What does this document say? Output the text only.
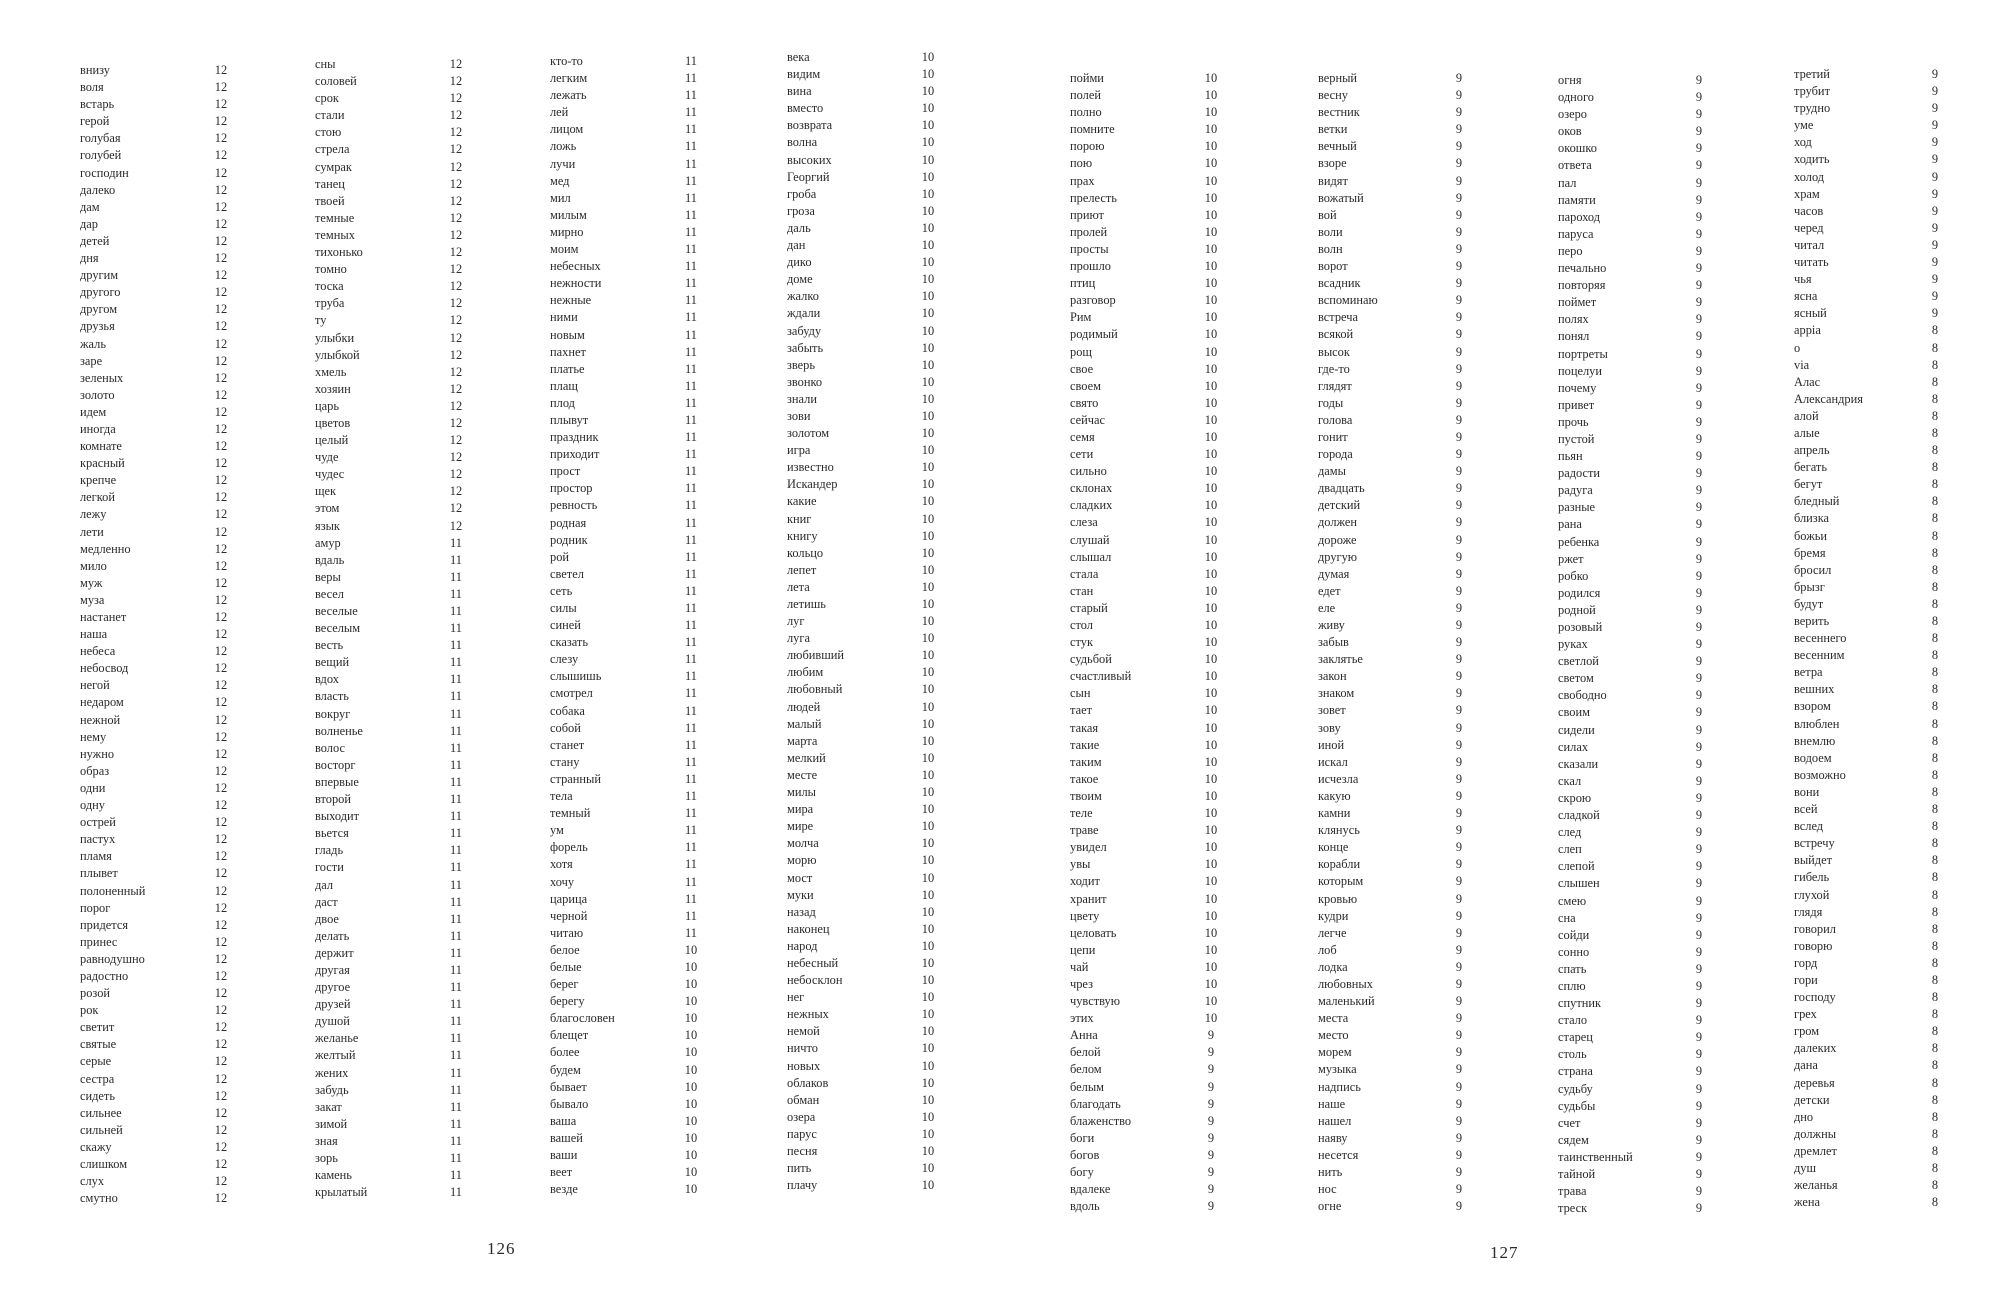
внизу	12
воля	12
встарь	12
герой	12
голубая	12
голубей	12
господин	12
далеко	12
дам	12
дар	12
детей	12
дня	12
другим	12
другого	12
другом	12
друзья	12
жаль	12
заре	12
зеленых	12
золото	12
идем	12
иногда	12
комнате	12
красный	12
крепче	12
легкой	12
лежу	12
лети	12
медленно	12
мило	12
муж	12
муза	12
настанет	12
наша	12
небеса	12
небосвод	12
негой	12
недаром	12
нежной	12
нему	12
нужно	12
образ	12
одни	12
одну	12
острей	12
пастух	12
пламя	12
плывет	12
полоненный	12
порог	12
придется	12
принес	12
равнодушно	12
радостно	12
розой	12
рок	12
светит	12
святые	12
серые	12
сестра	12
сидеть	12
сильнее	12
сильней	12
скажу	12
слишком	12
слух	12
смутно	12
сны	12
соловей	12
срок	12
стали	12
стою	12
стрела	12
сумрак	12
танец	12
твоей	12
темные	12
темных	12
тихонько	12
томно	12
тоска	12
труба	12
ту	12
улыбки	12
улыбкой	12
хмель	12
хозяин	12
царь	12
цветов	12
целый	12
чуде	12
чудес	12
щек	12
этом	12
язык	12
амур	11
вдаль	11
веры	11
весел	11
веселые	11
веселым	11
весть	11
вещий	11
вдох	11
власть	11
вокруг	11
волненье	11
волос	11
восторг	11
впервые	11
второй	11
выходит	11
вьется	11
гладь	11
гости	11
дал	11
даст	11
двое	11
делать	11
держит	11
другая	11
другое	11
друзей	11
душой	11
желанье	11
желтый	11
жених	11
забудь	11
закат	11
зимой	11
зная	11
зорь	11
камень	11
крылатый	11
кто-то	11
легким	11
лежать	11
лей	11
лицом	11
ложь	11
лучи	11
мед	11
мил	11
милым	11
мирно	11
моим	11
небесных	11
нежности	11
нежные	11
ними	11
новым	11
пахнет	11
платье	11
плащ	11
плод	11
плывут	11
праздник	11
приходит	11
прост	11
простор	11
ревность	11
родная	11
родник	11
рой	11
светел	11
сеть	11
силы	11
синей	11
сказать	11
слезу	11
слышишь	11
смотрел	11
собака	11
собой	11
станет	11
стану	11
странный	11
тела	11
темный	11
ум	11
форель	11
хотя	11
хочу	11
царица	11
черной	11
читаю	11
белое	10
белые	10
берег	10
берегу	10
благословен	10
блещет	10
более	10
будем	10
бывает	10
бывало	10
ваша	10
вашей	10
ваши	10
веет	10
везде	10
века	10
видим	10
вина	10
вместо	10
возврата	10
волна	10
высоких	10
Георгий	10
гроба	10
гроза	10
даль	10
дан	10
дико	10
доме	10
жалко	10
ждали	10
забуду	10
забыть	10
зверь	10
звонко	10
знали	10
зови	10
золотом	10
игра	10
известно	10
Искандер	10
какие	10
книг	10
книгу	10
кольцо	10
лепет	10
лета	10
летишь	10
луг	10
луга	10
любивший	10
любим	10
любовный	10
людей	10
малый	10
марта	10
мелкий	10
месте	10
милы	10
мира	10
мире	10
молча	10
морю	10
мост	10
муки	10
назад	10
наконец	10
народ	10
небесный	10
небосклон	10
нег	10
нежных	10
немой	10
ничто	10
новых	10
облаков	10
обман	10
озера	10
парус	10
песня	10
пить	10
плачу	10
126
пойми	10
полей	10
полно	10
помните	10
порою	10
пою	10
прах	10
прелесть	10
приют	10
пролей	10
просты	10
прошло	10
птиц	10
разговор	10
Рим	10
родимый	10
рощ	10
свое	10
своем	10
свято	10
сейчас	10
семя	10
сети	10
сильно	10
склонах	10
сладких	10
слеза	10
слушай	10
слышал	10
стала	10
стан	10
старый	10
стол	10
стук	10
судьбой	10
счастливый	10
сын	10
тает	10
такая	10
такие	10
таким	10
такое	10
твоим	10
теле	10
траве	10
увидел	10
увы	10
ходит	10
хранит	10
цвету	10
целовать	10
цепи	10
чай	10
чрез	10
чувствую	10
этих	10
Анна	9
белой	9
белом	9
белым	9
благодать	9
блаженство	9
боги	9
богов	9
богу	9
вдалеке	9
вдоль	9
верный	9
весну	9
вестник	9
ветки	9
вечный	9
взоре	9
видят	9
вожатый	9
вой	9
воли	9
волн	9
ворот	9
всадник	9
вспоминаю	9
встреча	9
всякой	9
высок	9
где-то	9
глядят	9
годы	9
голова	9
гонит	9
города	9
дамы	9
двадцать	9
детский	9
должен	9
дороже	9
другую	9
думая	9
едет	9
еле	9
живу	9
забыв	9
заклятье	9
закон	9
знаком	9
зовет	9
зову	9
иной	9
искал	9
исчезла	9
какую	9
камни	9
клянусь	9
конце	9
корабли	9
которым	9
кровью	9
кудри	9
легче	9
лоб	9
лодка	9
любовных	9
маленький	9
места	9
место	9
морем	9
музыка	9
надпись	9
наше	9
нашел	9
наяву	9
несется	9
нить	9
нос	9
огне	9
огня	9
одного	9
озеро	9
оков	9
окошко	9
ответа	9
пал	9
памяти	9
пароход	9
паруса	9
перо	9
печально	9
повторяя	9
поймет	9
полях	9
понял	9
портреты	9
поцелуи	9
почему	9
привет	9
прочь	9
пустой	9
пьян	9
радости	9
радуга	9
разные	9
рана	9
ребенка	9
ржет	9
робко	9
родился	9
родной	9
розовый	9
руках	9
светлой	9
светом	9
свободно	9
своим	9
сидели	9
силах	9
сказали	9
скал	9
скрою	9
сладкой	9
след	9
слеп	9
слепой	9
слышен	9
смею	9
сна	9
сойди	9
сонно	9
спать	9
сплю	9
спутник	9
стало	9
старец	9
столь	9
страна	9
судьбу	9
судьбы	9
счет	9
сядем	9
таинственный	9
тайной	9
трава	9
треск	9
третий	9
трубит	9
трудно	9
уме	9
ход	9
ходить	9
холод	9
храм	9
часов	9
черед	9
читал	9
читать	9
чья	9
ясна	9
ясный	9
appia	8
o	8
via	8
Алас	8
Александрия	8
алой	8
алые	8
апрель	8
бегать	8
бегут	8
бледный	8
близка	8
божьи	8
бремя	8
бросил	8
брызг	8
будут	8
верить	8
весеннего	8
весенним	8
ветра	8
вешних	8
взором	8
влюблен	8
внемлю	8
водоем	8
возможно	8
вони	8
всей	8
вслед	8
встречу	8
выйдет	8
гибель	8
глухой	8
глядя	8
говорил	8
говорю	8
горд	8
гори	8
господу	8
грех	8
гром	8
далеких	8
дана	8
деревья	8
детски	8
дно	8
должны	8
дремлет	8
душ	8
желанья	8
жена	8
127
